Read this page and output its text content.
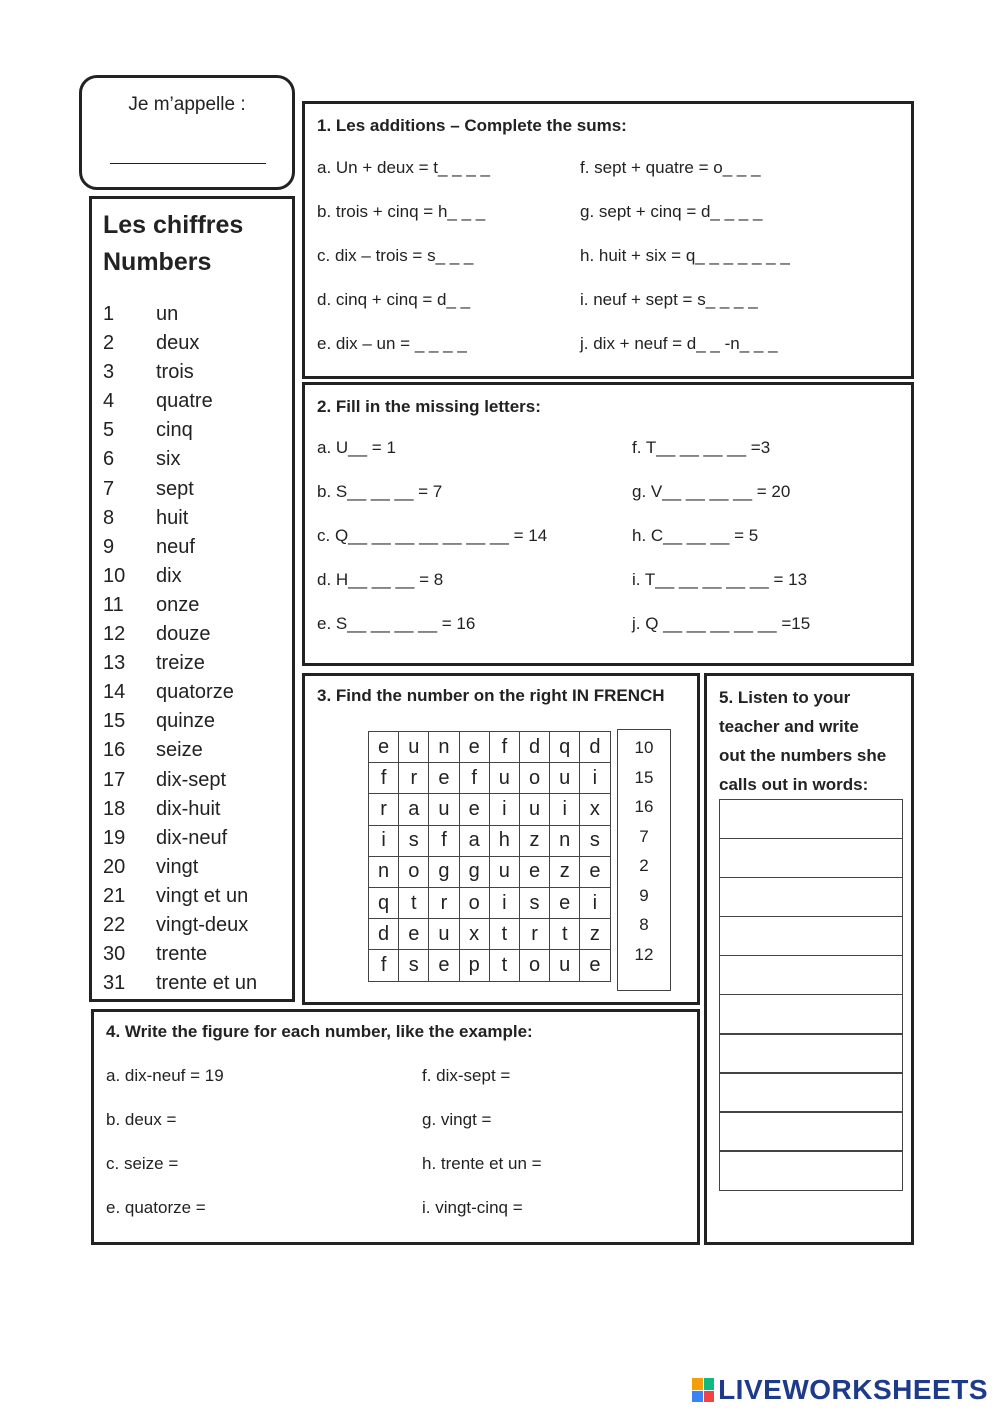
Je m’appelle :
Les chiffres
Numbers
1 un
2 deux
3 trois
4 quatre
5 cinq
6 six
7 sept
8 huit
9 neuf
10 dix
11 onze
12 douze
13 treize
14 quatorze
15 quinze
16 seize
17 dix-sept
18 dix-huit
19 dix-neuf
20 vingt
21 vingt et un
22 vingt-deux
30 trente
31 trente et un
1. Les additions – Complete the sums:
a. Un + deux = t_ _ _ _
b. trois + cinq = h_ _ _
c. dix – trois = s_ _ _
d. cinq + cinq = d_ _
e. dix – un = _ _ _ _
f. sept + quatre = o_ _ _
g. sept + cinq = d_ _ _ _
h. huit + six = q_ _ _ _ _ _ _
i. neuf + sept = s_ _ _ _
j. dix + neuf = d_ _ -n_ _ _
2. Fill in the missing letters:
a. U__ = 1
b. S__ __ __ = 7
c. Q__ __ __ __ __ __ __ = 14
d. H__ __ __ = 8
e. S__ __ __ __ = 16
f. T__ __ __ __ =3
g. V__ __ __ __ = 20
h. C__ __ __ = 5
i. T__ __ __ __ __ = 13
j. Q __ __ __ __ __ =15
3. Find the number on the right IN FRENCH
e	u	n	e	f	d	q	d
f	r	e	f	u	o	u	i
r	a	u	e	i	u	i	x
i	s	f	a	h	z	n	s
n	o	g	g	u	e	z	e
q	t	r	o	i	s	e	i
d	e	u	x	t	r	t	z
f	s	e	p	t	o	u	e
10
15
16
7
2
9
8
12
4. Write the figure for each number, like the example:
a. dix-neuf = 19
b. deux =
c. seize =
e. quatorze =
f. dix-sept =
g. vingt =
h. trente et un =
i. vingt-cinq =
5. Listen to your
teacher and write
out the numbers she
calls out in words:
LIVEWORKSHEETS
